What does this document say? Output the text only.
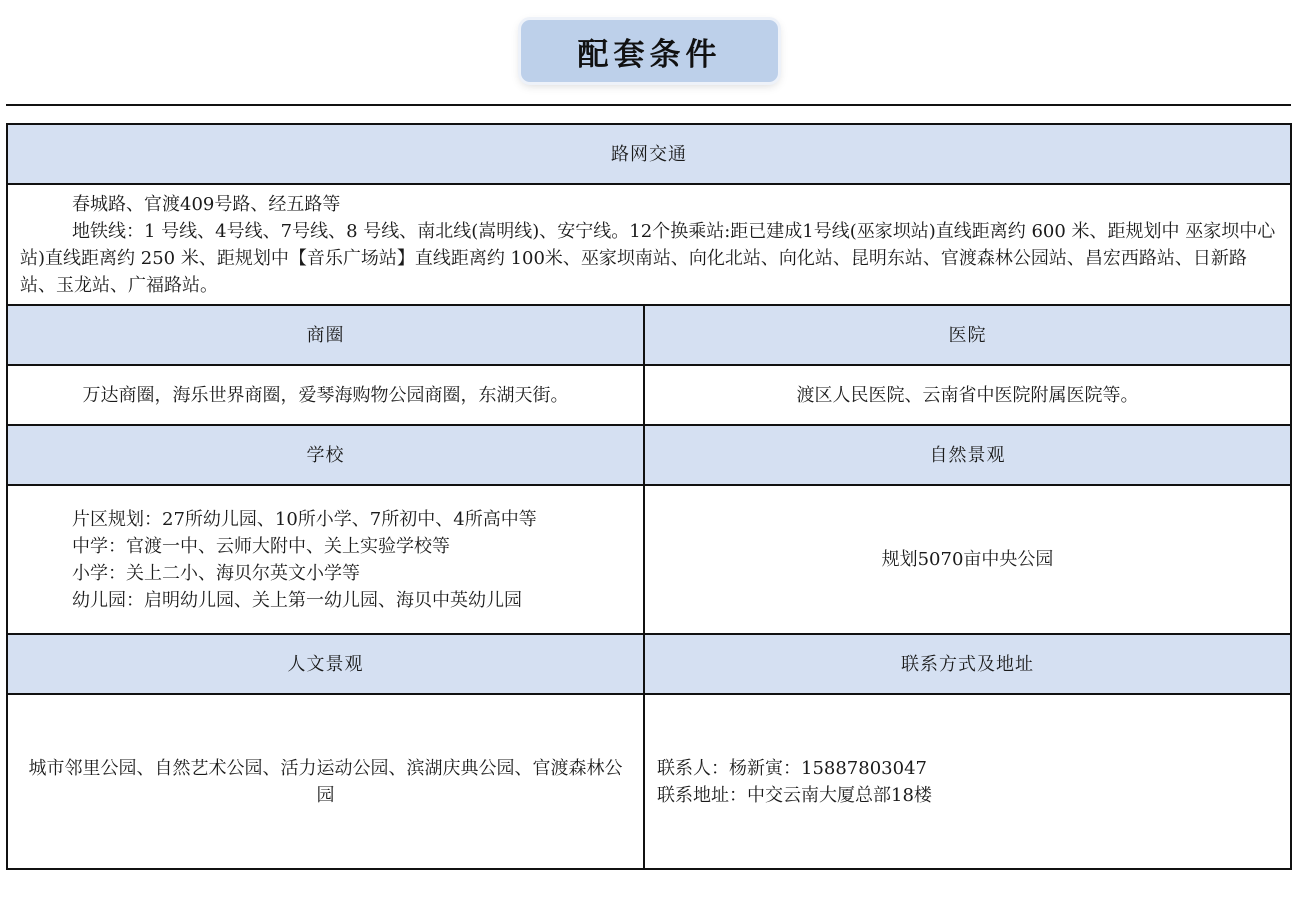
配套条件
路网交通	

春城路、官渡409号路、经五路等

地铁线：1 号线、4号线、7号线、8 号线、南北线(嵩明线)、安宁线。12个换乘站:距已建成1号线(巫家坝站)直线距离约 600 米、距规划中 巫家坝中心站)直线距离约 250 米、距规划中【音乐广场站】直线距离约 100米、巫家坝南站、向化北站、向化站、昆明东站、官渡森林公园站、昌宏西路站、日新路站、玉龙站、广福路站。	

商圈	医院
万达商圈，海乐世界商圈，爱琴海购物公园商圈，东湖天街。	渡区人民医院、云南省中医院附属医院等。
学校	自然景观

片区规划：27所幼儿园、10所小学、7所初中、4所高中等

中学：官渡一中、云师大附中、关上实验学校等

小学：关上二小、海贝尔英文小学等

幼儿园：启明幼儿园、关上第一幼儿园、海贝中英幼儿园	规划5070亩中央公园
人文景观	联系方式及地址
城市邻里公园、自然艺术公园、活力运动公园、滨湖庆典公园、官渡森林公园	联系人：杨新寅：15887803047

联系地址：中交云南大厦总部18楼
